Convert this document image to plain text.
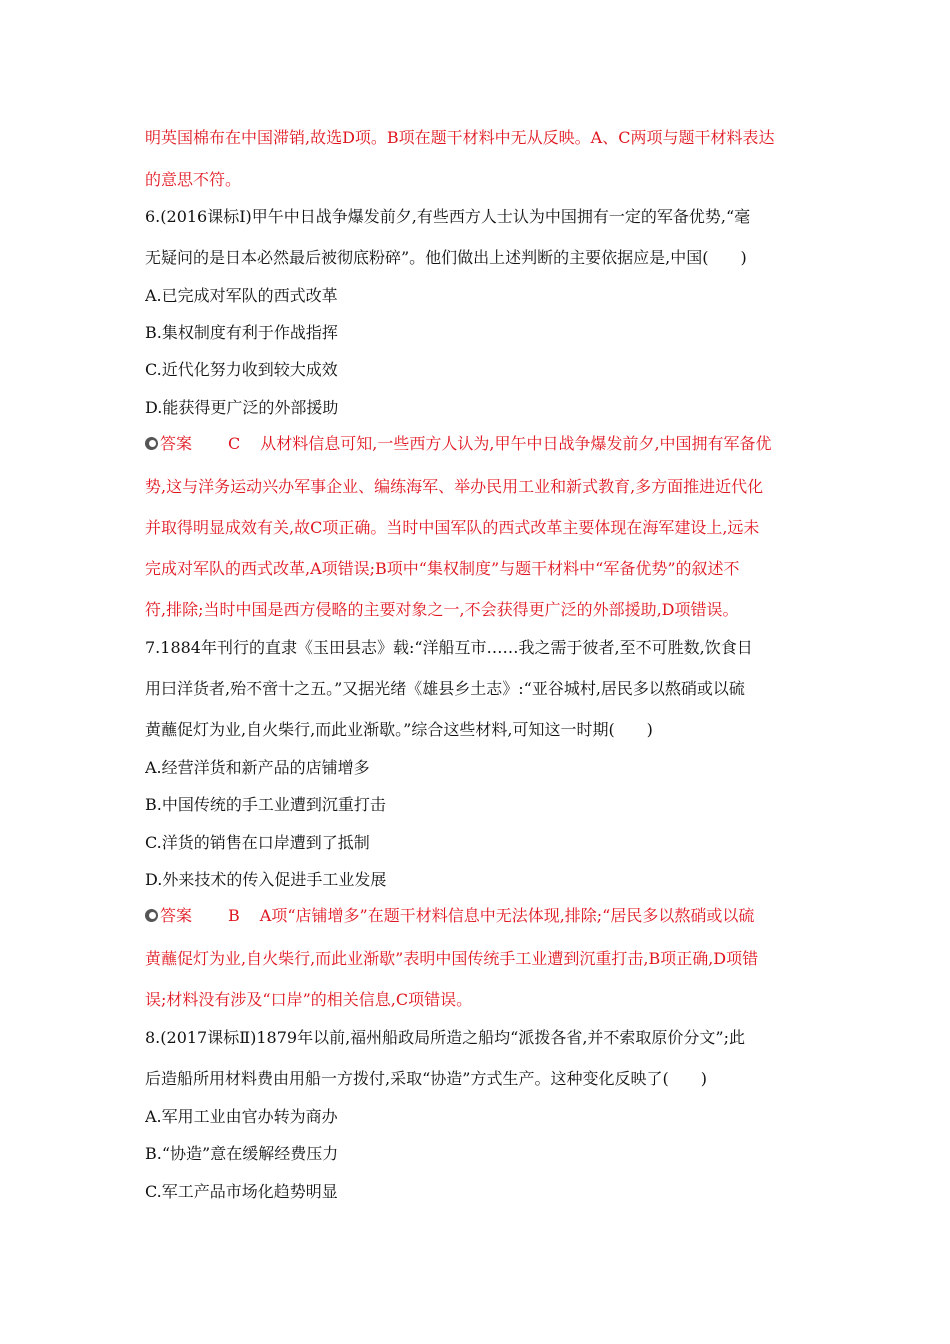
明英国棉布在中国滞销,故选D项。B项在题干材料中无从反映。A、C两项与题干材料表达
的意思不符。
6.(2016课标Ⅰ)甲午中日战争爆发前夕,有些西方人士认为中国拥有一定的军备优势,“毫
无疑问的是日本必然最后被彻底粉碎”。他们做出上述判断的主要依据应是,中国(　　)
A.已完成对军队的西式改革
B.集权制度有利于作战指挥
C.近代化努力收到较大成效
D.能获得更广泛的外部援助
答案 C 从材料信息可知,一些西方人认为,甲午中日战争爆发前夕,中国拥有军备优
势,这与洋务运动兴办军事企业、编练海军、举办民用工业和新式教育,多方面推进近代化
并取得明显成效有关,故C项正确。当时中国军队的西式改革主要体现在海军建设上,远未
完成对军队的西式改革,A项错误;B项中“集权制度”与题干材料中“军备优势”的叙述不
符,排除;当时中国是西方侵略的主要对象之一,不会获得更广泛的外部援助,D项错误。
7.1884年刊行的直隶《玉田县志》载:“洋船互市……我之需于彼者,至不可胜数,饮食日
用曰洋货者,殆不啻十之五。”又据光绪《雄县乡土志》:“亚谷城村,居民多以熬硝或以硫
黄蘸促灯为业,自火柴行,而此业渐歇。”综合这些材料,可知这一时期(　　)
A.经营洋货和新产品的店铺增多
B.中国传统的手工业遭到沉重打击
C.洋货的销售在口岸遭到了抵制
D.外来技术的传入促进手工业发展
答案 B A项“店铺增多”在题干材料信息中无法体现,排除;“居民多以熬硝或以硫
黄蘸促灯为业,自火柴行,而此业渐歇”表明中国传统手工业遭到沉重打击,B项正确,D项错
误;材料没有涉及“口岸”的相关信息,C项错误。
8.(2017课标Ⅱ)1879年以前,福州船政局所造之船均“派拨各省,并不索取原价分文”;此
后造船所用材料费由用船一方拨付,采取“协造”方式生产。这种变化反映了(　　)
A.军用工业由官办转为商办
B.“协造”意在缓解经费压力
C.军工产品市场化趋势明显
